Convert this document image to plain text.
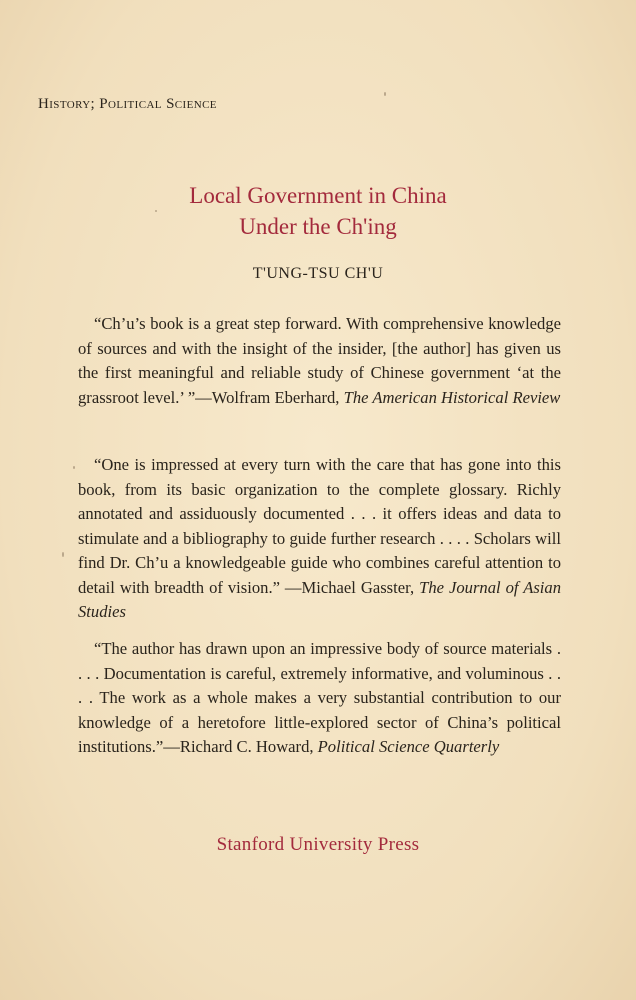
History; Political Science
Local Government in China
Under the Ch'ing
T'UNG-TSU CH'U

“Ch’u’s book is a great step forward. With comprehensive knowledge of sources and with the insight of the insider, [the author] has given us the first meaningful and reliable study of Chinese government ‘at the grassroot level.’ ”—Wolfram Eberhard, The American Historical Review

“One is impressed at every turn with the care that has gone into this book, from its basic organization to the complete glossary. Richly annotated and assiduously documented . . . it offers ideas and data to stimulate and a bibliography to guide further research . . . . Scholars will find Dr. Ch’u a knowledgeable guide who combines careful attention to detail with breadth of vision.” —Michael Gasster, The Journal of Asian Studies

“The author has drawn upon an impressive body of source materials . . . . Documentation is careful, extremely informative, and voluminous . . . . The work as a whole makes a very substantial contribution to our knowledge of a heretofore little-explored sector of China’s political institutions.”—Richard C. Howard, Political Science Quarterly

Stanford University Press
